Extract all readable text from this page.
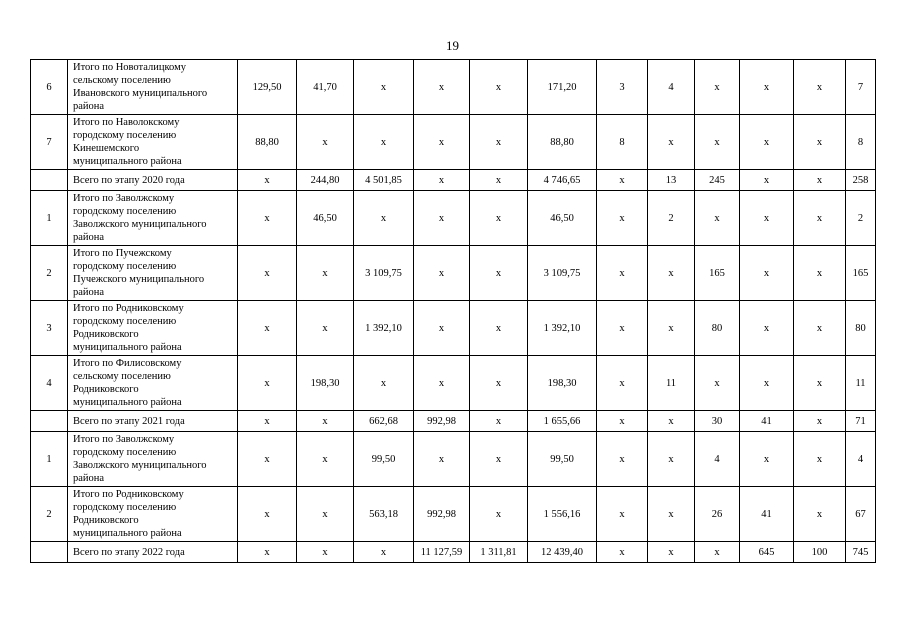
19
6	Итого по Новоталицкому
сельскому поселению
Ивановского муниципального
района	129,50	41,70	x	x	x	171,20	3	4	x	x	x	7
7	Итого по Наволокскому
городскому поселению
Кинешемского
муниципального района	88,80	x	x	x	x	88,80	8	x	x	x	x	8

	Всего по этапу 2020 года	x	244,80	4 501,85	x	x	4 746,65	x	13	245	x	x	258
1	Итого по Заволжскому
городскому поселению
Заволжского муниципального
района	x	46,50	x	x	x	46,50	x	2	x	x	x	2
2	Итого по Пучежскому
городскому поселению
Пучежского муниципального
района	x	x	3 109,75	x	x	3 109,75	x	x	165	x	x	165
3	Итого по Родниковскому
городскому поселению
Родниковского
муниципального района	x	x	1 392,10	x	x	1 392,10	x	x	80	x	x	80
4	Итого по Филисовскому
сельскому поселению
Родниковского
муниципального района	x	198,30	x	x	x	198,30	x	11	x	x	x	11

	Всего по этапу 2021 года	x	x	662,68	992,98	x	1 655,66	x	x	30	41	x	71
1	Итого по Заволжскому
городскому поселению
Заволжского муниципального
района	x	x	99,50	x	x	99,50	x	x	4	x	x	4
2	Итого по Родниковскому
городскому поселению
Родниковского
муниципального района	x	x	563,18	992,98	x	1 556,16	x	x	26	41	x	67

	Всего по этапу 2022 года	x	x	x	11 127,59	1 311,81	12 439,40	x	x	x	645	100	745
